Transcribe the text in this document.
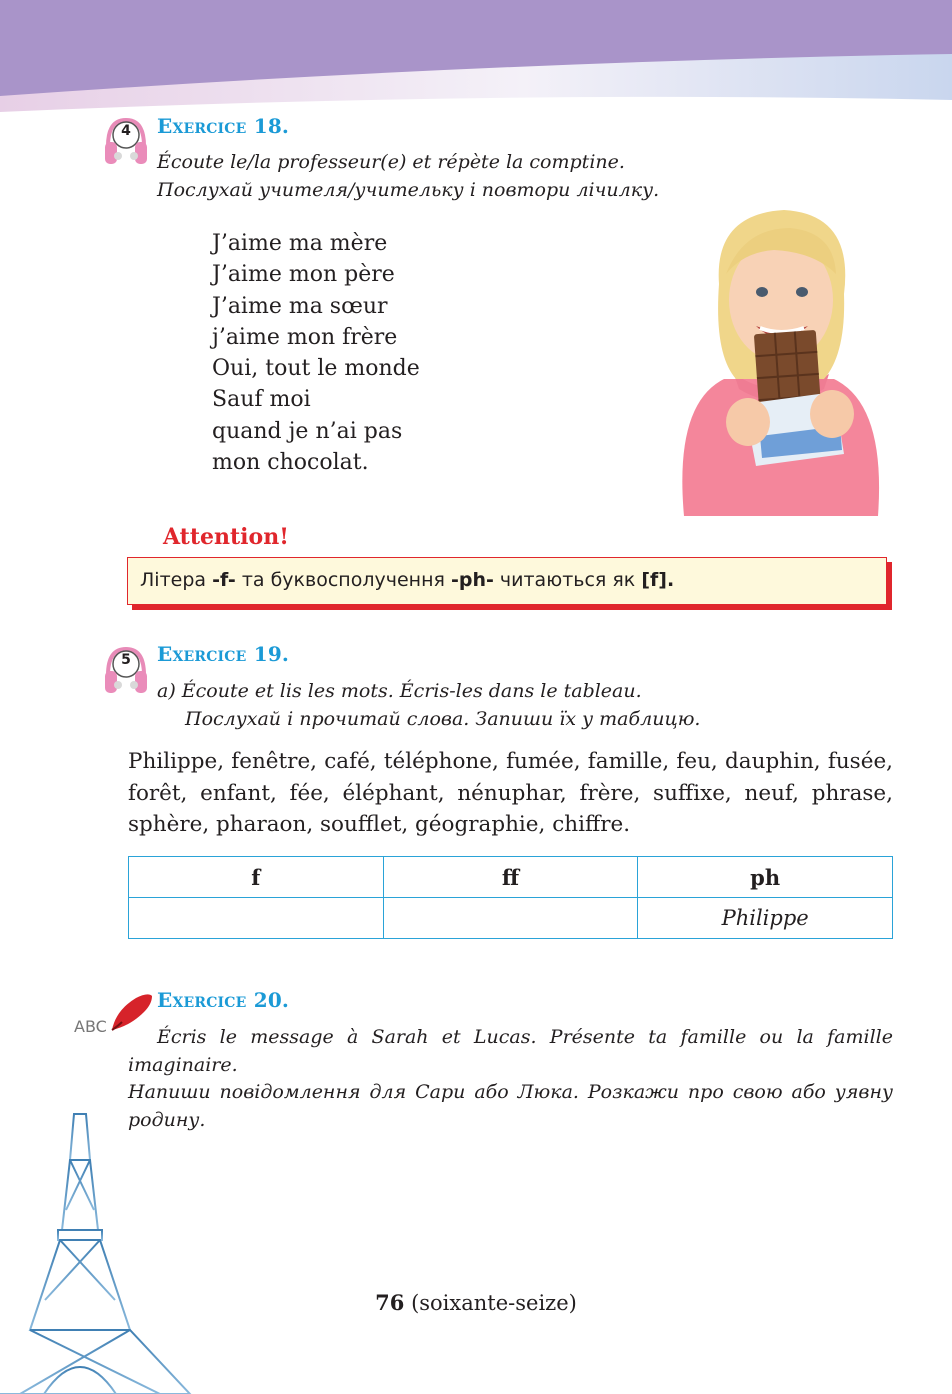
4	Exercice 18.
Écoute le/la professeur(e) et répète la comptine.
Послухай учителя/учительку і повтори лічилку.
J’aime ma mère
J’aime mon père
J’aime ma sœur
j’aime mon frère
Oui, tout le monde
Sauf moi
quand je n’ai pas
mon chocolat.
Attention!
Літера -f- та буквосполучення -ph- читаються як [f].
5	Exercice 19.
a) Écoute et lis les mots. Écris-les dans le tableau.
Послухай і прочитай слова. Запиши їх у таблицю.
Philippe, fenêtre, café, téléphone, fumée, famille, feu, dauphin, fusée, forêt, enfant, fée, éléphant, nénuphar, frère, suffixe, neuf, phrase, sphère, pharaon, soufflet, géographie, chiffre.
f	ff	ph
		Philippe
ABC
Exercice 20.
Écris le message à Sarah et Lucas. Présente ta famille ou la famille imaginaire.
Напиши повідомлення для Сари або Люка. Розкажи про свою або уявну родину.
76 (soixante-seize)
